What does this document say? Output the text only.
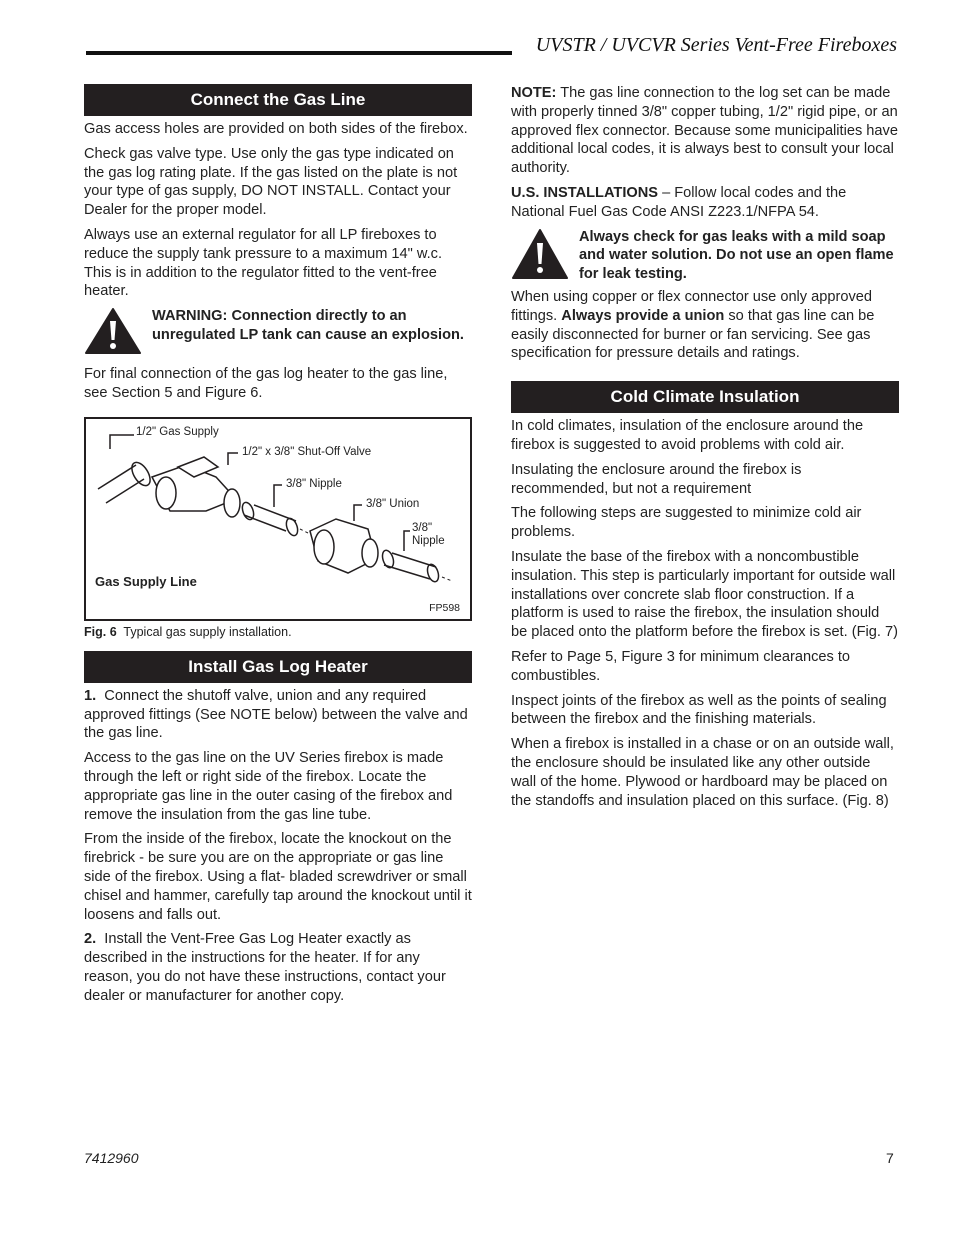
UVSTR / UVCVR Series Vent-Free Fireboxes
Connect the Gas Line

Gas access holes are provided on both sides of the firebox.

Check gas valve type. Use only the gas type indicated on the gas log rating plate. If the gas listed on the plate is not your type of gas supply, DO NOT INSTALL. Contact your Dealer for the proper model.

Always use an external regulator for all LP fireboxes to reduce the supply tank pressure to a maximum 14" w.c. This is in addition to the regulator fitted to the vent-free heater.

WARNING: Connection directly to an unregulated LP tank can cause an explosion.

For final connection of the gas log heater to the gas line, see Section 5 and Figure 6.

1/2" Gas Supply
1/2" x 3/8" Shut-Off Valve
3/8" Nipple
3/8" Union
3/8"
Nipple
Gas Supply Line
FP598
Fig. 6 Typical gas supply installation.
Install Gas Log Heater

1. Connect the shutoff valve, union and any required approved fittings (See NOTE below) between the valve and the gas line.

Access to the gas line on the UV Series firebox is made through the left or right side of the firebox. Locate the appropriate gas line in the outer casing of the firebox and remove the insulation from the gas line tube.

From the inside of the firebox, locate the knockout on the firebrick - be sure you are on the appropriate or gas line side of the firebox. Using a flat- bladed screwdriver or small chisel and hammer, carefully tap around the knockout until it loosens and falls out.

2. Install the Vent-Free Gas Log Heater exactly as described in the instructions for the heater. If for any reason, you do not have these instructions, contact your dealer or manufacturer for another copy.

NOTE: The gas line connection to the log set can be made with properly tinned 3/8" copper tubing, 1/2" rigid pipe, or an approved flex connector. Because some municipalities have additional local codes, it is always best to consult your local authority.

U.S. INSTALLATIONS – Follow local codes and the National Fuel Gas Code ANSI Z223.1/NFPA 54.

Always check for gas leaks with a mild soap and water solution. Do not use an open flame for leak testing.

When using copper or flex connector use only approved fittings. Always provide a union so that gas line can be easily disconnected for burner or fan servicing. See gas specification for pressure details and ratings.

Cold Climate Insulation

In cold climates, insulation of the enclosure around the firebox is suggested to avoid problems with cold air.

Insulating the enclosure around the firebox is recommended, but not a requirement

The following steps are suggested to minimize cold air problems.

Insulate the base of the firebox with a noncombustible insulation. This step is particularly important for outside wall installations over concrete slab floor construction. If a platform is used to raise the firebox, the insulation should be placed onto the platform before the firebox is set. (Fig. 7)

Refer to Page 5, Figure 3 for minimum clearances to combustibles.

Inspect joints of the firebox as well as the points of sealing between the firebox and the finishing materials.

When a firebox is installed in a chase or on an outside wall, the enclosure should be insulated like any other outside wall of the home. Plywood or hardboard may be placed on the standoffs and insulation placed on this surface. (Fig. 8)

7412960	7
